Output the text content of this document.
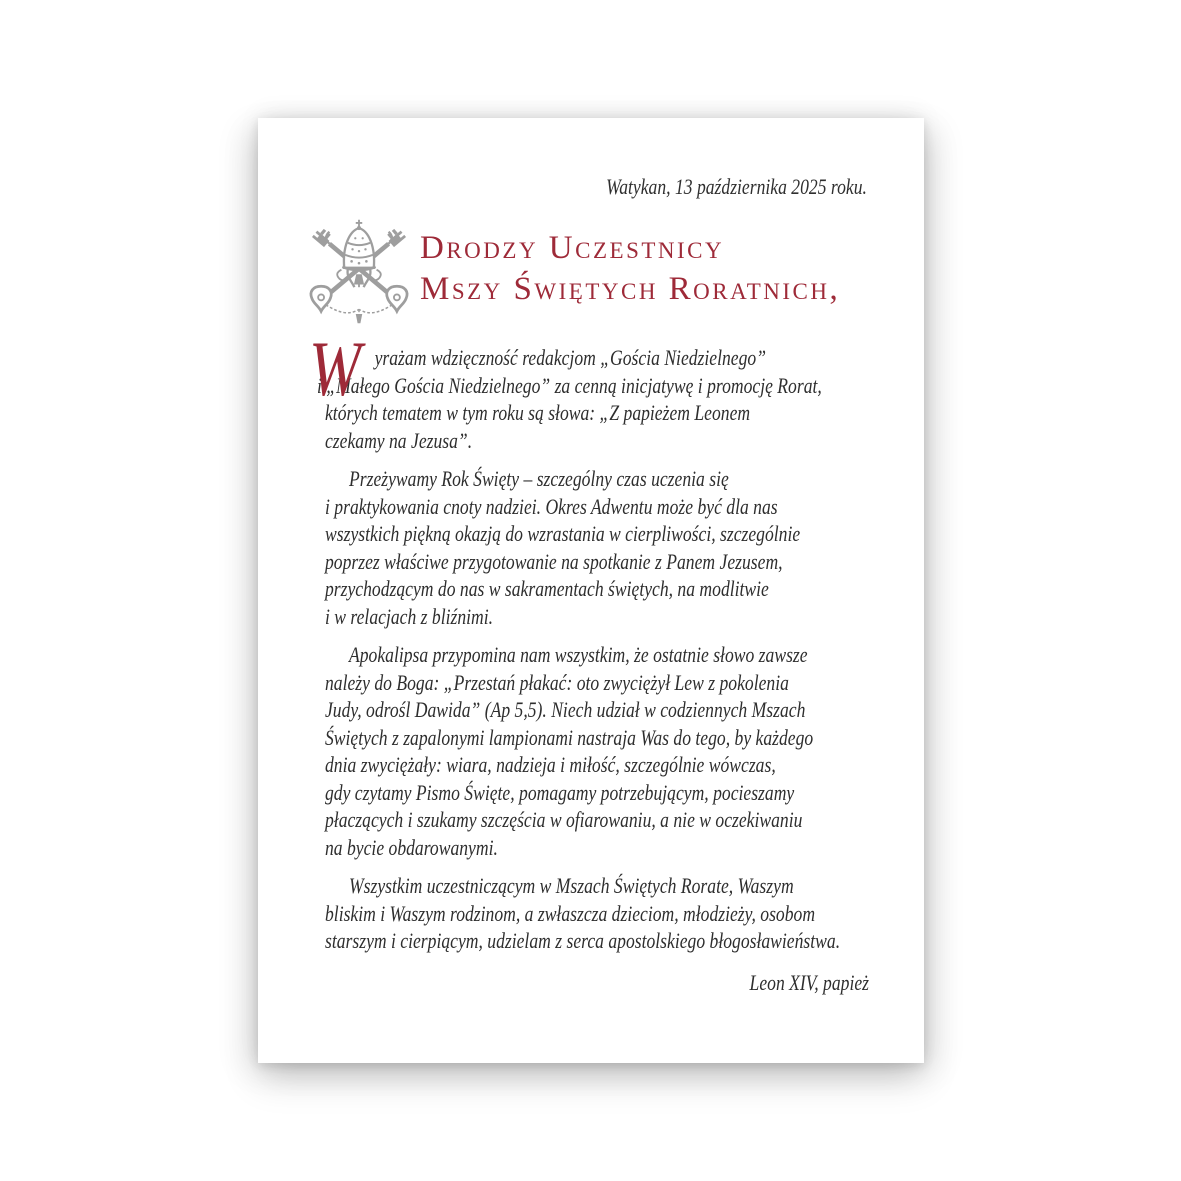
Watykan, 13 października 2025 roku.
Drodzy Uczestnicy
Mszy Świętych Roratnich,
W yrażam wdzięczność redakcjom „Gościa Niedzielnego”
i „Małego Gościa Niedzielnego” za cenną inicjatywę i promocję Rorat,
których tematem w tym roku są słowa: „Z papieżem Leonem
czekamy na Jezusa”.
Przeżywamy Rok Święty – szczególny czas uczenia się
i praktykowania cnoty nadziei. Okres Adwentu może być dla nas
wszystkich piękną okazją do wzrastania w cierpliwości, szczególnie
poprzez właściwe przygotowanie na spotkanie z Panem Jezusem,
przychodzącym do nas w sakramentach świętych, na modlitwie
i w relacjach z bliźnimi.
Apokalipsa przypomina nam wszystkim, że ostatnie słowo zawsze
należy do Boga: „Przestań płakać: oto zwyciężył Lew z pokolenia
Judy, odrośl Dawida” (Ap 5,5). Niech udział w codziennych Mszach
Świętych z zapalonymi lampionami nastraja Was do tego, by każdego
dnia zwyciężały: wiara, nadzieja i miłość, szczególnie wówczas,
gdy czytamy Pismo Święte, pomagamy potrzebującym, pocieszamy
płaczących i szukamy szczęścia w ofiarowaniu, a nie w oczekiwaniu
na bycie obdarowanymi.
Wszystkim uczestniczącym w Mszach Świętych Rorate, Waszym
bliskim i Waszym rodzinom, a zwłaszcza dzieciom, młodzieży, osobom
starszym i cierpiącym, udzielam z serca apostolskiego błogosławieństwa.
Leon XIV, papież
